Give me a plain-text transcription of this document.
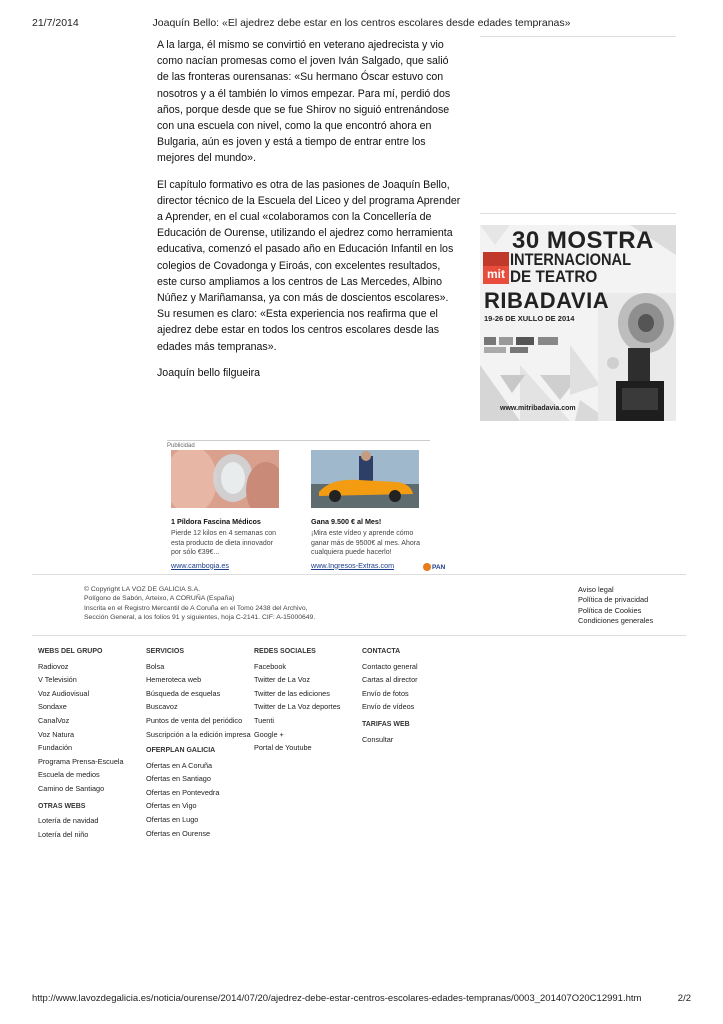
21/7/2014	Joaquín Bello: «El ajedrez debe estar en los centros escolares desde edades tempranas»

A la larga, él mismo se convirtió en veterano ajedrecista y vio como nacían promesas como el joven Iván Salgado, que salió de las fronteras ourensanas: «Su hermano Óscar estuvo con nosotros y a él también lo vimos empezar. Para mí, perdió dos años, porque desde que se fue Shirov no siguió entrenándose con una escuela con nivel, como la que encontró ahora en Bulgaria, aún es joven y está a tiempo de entrar entre los mejores del mundo».

El capítulo formativo es otra de las pasiones de Joaquín Bello, director técnico de la Escuela del Liceo y del programa Aprender a Aprender, en el cual «colaboramos con la Concellería de Educación de Ourense, utilizando el ajedrez como herramienta educativa, comenzó el pasado año en Educación Infantil en los colegios de Covadonga y Eiroás, con excelentes resultados, este curso ampliamos a los centros de Las Mercedes, Albino Núñez y Mariñamansa, ya con más de doscientos escolares». Su resumen es claro: «Esta experiencia nos reafirma que el ajedrez debe estar en todos los centros escolares desde las edades más tempranas».

Joaquín bello filgueira

30 MOSTRA
mit
INTERNACIONAL
DE TEATRO
RIBADAVIA
19-26 DE XULLO DE 2014
www.mitribadavia.com
Publicidad
1 Píldora Fascina Médicos
Pierde 12 kilos en 4 semanas con esta producto de dieta innovador por sólo €39€...
www.cambogia.es
Gana 9.500 € al Mes!
¡Mira este vídeo y aprende cómo ganar más de 9500€ al mes. Ahora cualquiera puede hacerlo!
www.Ingresos-Extras.com	PAN
© Copyright LA VOZ DE GALICIA S.A.
Polígono de Sabón, Arteixo, A CORUÑA (España)
Inscrita en el Registro Mercantil de A Coruña en el Tomo 2438 del Archivo,
Sección General, a los folios 91 y siguientes, hoja C-2141. CIF: A-15000649.
Aviso legal
Política de privacidad
Política de Cookies
Condiciones generales
WEBS DEL GRUPO
Radiovoz
V Televisión
Voz Audiovisual
Sondaxe
CanalVoz
Voz Natura
Fundación
Programa Prensa-Escuela
Escuela de medios
Camino de Santiago
OTRAS WEBS
Lotería de navidad
Lotería del niño
SERVICIOS
Bolsa
Hemeroteca web
Búsqueda de esquelas
Buscavoz
Puntos de venta del periódico
Suscripción a la edición impresa
OFERPLAN GALICIA
Ofertas en A Coruña
Ofertas en Santiago
Ofertas en Pontevedra
Ofertas en Vigo
Ofertas en Lugo
Ofertas en Ourense
REDES SOCIALES
Facebook
Twitter de La Voz
Twitter de las ediciones
Twitter de La Voz deportes
Tuenti
Google +
Portal de Youtube
CONTACTA
Contacto general
Cartas al director
Envío de fotos
Envío de vídeos
TARIFAS WEB
Consultar
http://www.lavozdegalicia.es/noticia/ourense/2014/07/20/ajedrez-debe-estar-centros-escolares-edades-tempranas/0003_201407O20C12991.htm	2/2
